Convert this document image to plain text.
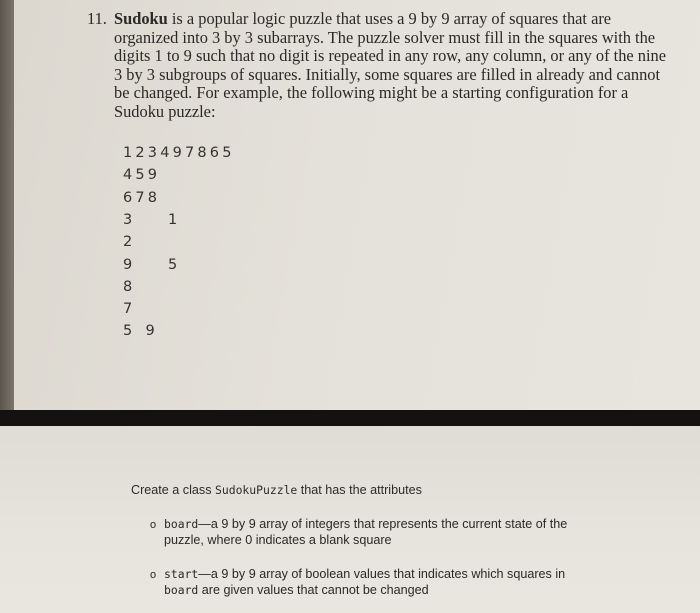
11. Sudoku is a popular logic puzzle that uses a 9 by 9 array of squares that are organized into 3 by 3 subarrays. The puzzle solver must fill in the squares with the digits 1 to 9 such that no digit is repeated in any row, any column, or any of the nine 3 by 3 subgroups of squares. Initially, some squares are filled in already and cannot be changed. For example, the following might be a starting configuration for a Sudoku puzzle:
1 2 3 4 9 7 8 6 5
4 5 9
6 7 8
3 1
2
9 5
8
7
5 9
Create a class SudokuPuzzle that has the attributes
o board—a 9 by 9 array of integers that represents the current state of the
puzzle, where 0 indicates a blank square
o start—a 9 by 9 array of boolean values that indicates which squares in
board are given values that cannot be changed
